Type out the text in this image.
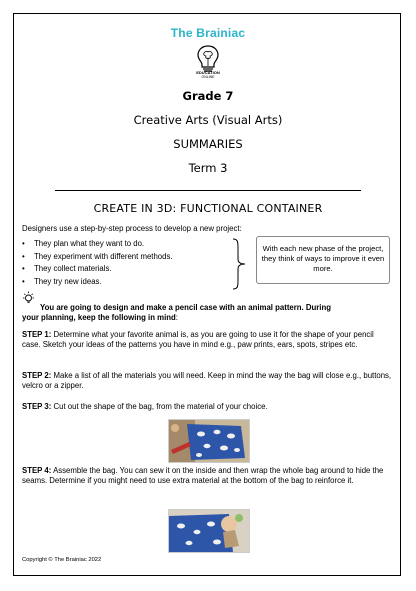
The Brainiac
EDUCATION
ONLINE
Grade 7
Creative Arts (Visual Arts)
SUMMARIES
Term 3
CREATE IN 3D: FUNCTIONAL CONTAINER
Designers use a step-by-step process to develop a new project:
• They plan what they want to do.
• They experiment with different methods.
• They collect materials.
• They try new ideas.
With each new phase of the project, they think of ways to improve it even more.
You are going to design and make a pencil case with an animal pattern. During
your planning, keep the following in mind:
STEP 1: Determine what your favorite animal is, as you are going to use it for the shape of your pencil case. Sketch your ideas of the patterns you have in mind e.g., paw prints, ears, spots, stripes etc.
STEP 2: Make a list of all the materials you will need. Keep in mind the way the bag will close e.g., buttons, velcro or a zipper.
STEP 3: Cut out the shape of the bag, from the material of your choice.
STEP 4: Assemble the bag. You can sew it on the inside and then wrap the whole bag around to hide the seams. Determine if you might need to use extra material at the bottom of the bag to reinforce it.
Copyright © The Brainiac 2022
